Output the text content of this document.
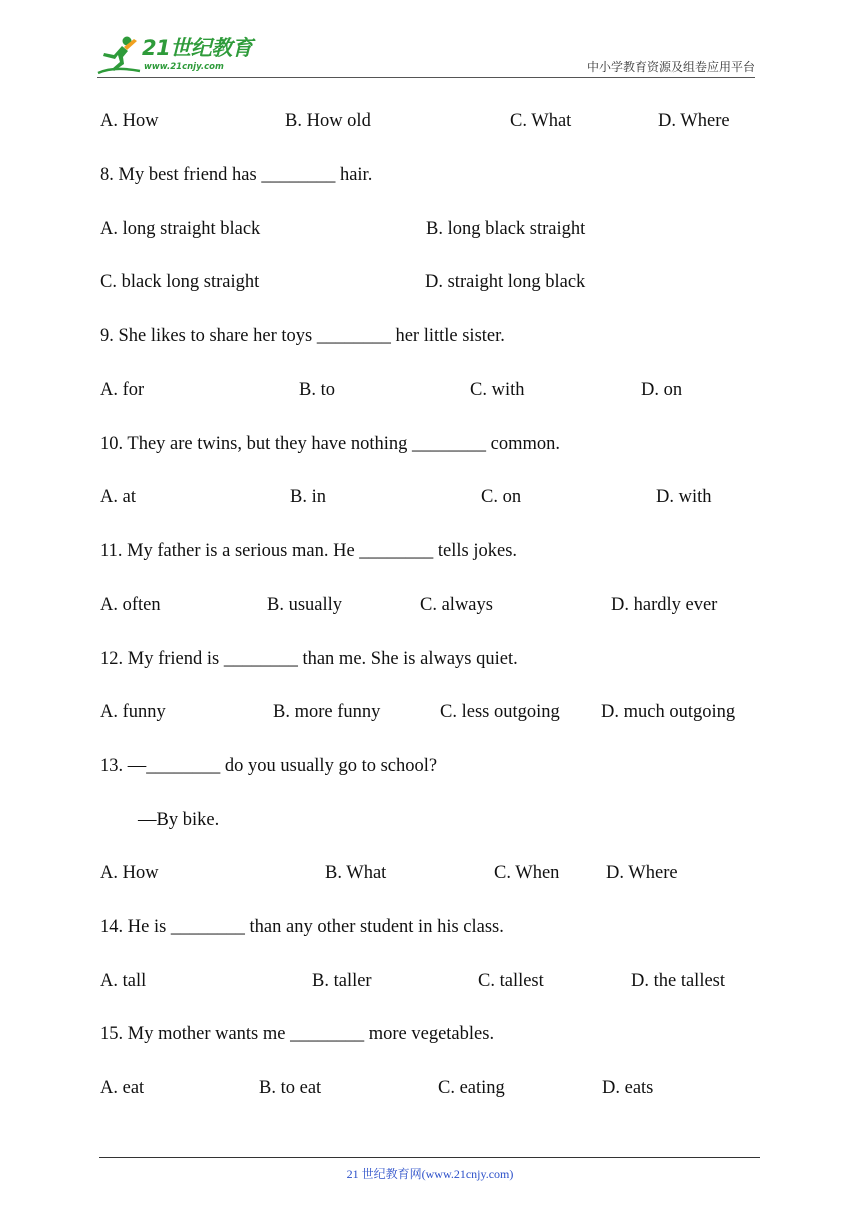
21世纪教育
www.21cnjy.com	中小学教育资源及组卷应用平台
A. How	B. How old	C. What	D. Where
8. My best friend has ________ hair.
A. long straight black	B. long black straight
C. black long straight	D. straight long black
9. She likes to share her toys ________ her little sister.
A. for	B. to	C. with	D. on
10. They are twins, but they have nothing ________ common.
A. at	B. in	C. on	D. with
11. My father is a serious man. He ________ tells jokes.
A. often	B. usually	C. always	D. hardly ever
12. My friend is ________ than me. She is always quiet.
A. funny	B. more funny	C. less outgoing D. much outgoing
13. —________ do you usually go to school?
—By bike.
A. How	B. What	C. When	D. Where
14. He is ________ than any other student in his class.
A. tall	B. taller	C. tallest	D. the tallest
15. My mother wants me ________ more vegetables.
A. eat	B. to eat	C. eating	D. eats
21 世纪教育网(www.21cnjy.com)
